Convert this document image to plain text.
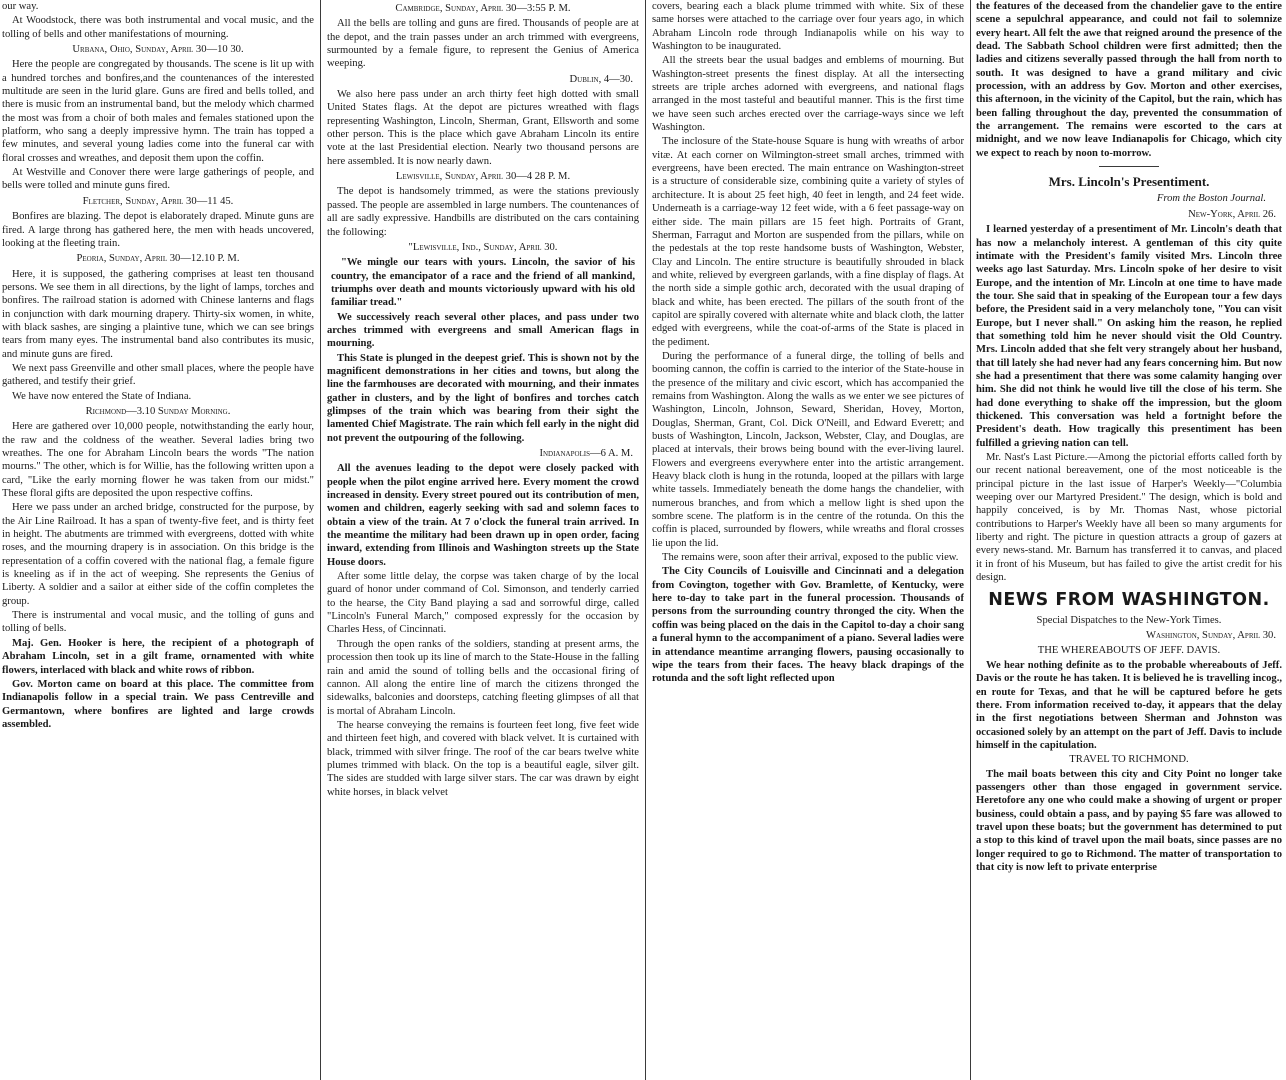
our way.

At Woodstock, there was both instrumental and vocal music, and the tolling of bells and other manifestations of mourning.

Urbana, Ohio, Sunday, April 30—10 30.

Here the people are congregated by thousands. The scene is lit up with a hundred torches and bonfires,and the countenances of the interested multitude are seen in the lurid glare. Guns are fired and bells tolled, and there is music from an instrumental band, but the melody which charmed the most was from a choir of both males and females stationed upon the platform, who sang a deeply impressive hymn. The train has topped a few minutes, and several young ladies come into the funeral car with floral crosses and wreathes, and deposit them upon the coffin.

At Westville and Conover there were large gatherings of people, and bells were tolled and minute guns fired.

Fletcher, Sunday, April 30—11 45.

Bonfires are blazing. The depot is elaborately draped. Minute guns are fired. A large throng has gathered here, the men with heads uncovered, looking at the fleeting train.

Peoria, Sunday, April 30—12.10 P. M.

Here, it is supposed, the gathering comprises at least ten thousand persons. We see them in all directions, by the light of lamps, torches and bonfires. The railroad station is adorned with Chinese lanterns and flags in conjunction with dark mourning drapery. Thirty-six women, in white, with black sashes, are singing a plaintive tune, which we can see brings tears from many eyes. The instrumental band also contributes its music, and minute guns are fired.

We next pass Greenville and other small places, where the people have gathered, and testify their grief.

We have now entered the State of Indiana.

Richmond—3.10 Sunday Morning.

Here are gathered over 10,000 people, notwithstanding the early hour, the raw and the coldness of the weather. Several ladies bring two wreathes. The one for Abraham Lincoln bears the words "The nation mourns." The other, which is for Willie, has the following written upon a card, "Like the early morning flower he was taken from our midst." These floral gifts are deposited the upon respective coffins.

Here we pass under an arched bridge, constructed for the purpose, by the Air Line Railroad. It has a span of twenty-five feet, and is thirty feet in height. The abutments are trimmed with evergreens, dotted with white roses, and the mourning drapery is in association. On this bridge is the representation of a coffin covered with the national flag, a female figure is kneeling as if in the act of weeping. She represents the Genius of Liberty. A soldier and a sailor at either side of the coffin completes the group.

There is instrumental and vocal music, and the tolling of guns and tolling of bells.

Maj. Gen. Hooker is here, the recipient of a photograph of Abraham Lincoln, set in a gilt frame, ornamented with white flowers, interlaced with black and white rows of ribbon.

Gov. Morton came on board at this place. The committee from Indianapolis follow in a special train. We pass Centreville and Germantown, where bonfires are lighted and large crowds assembled.

Cambridge, Sunday, April 30—3:55 P. M.

All the bells are tolling and guns are fired. Thousands of people are at the depot, and the train passes under an arch trimmed with evergreens, surmounted by a female figure, to represent the Genius of America weeping.

Dublin, 4—30.

We also here pass under an arch thirty feet high dotted with small United States flags. At the depot are pictures wreathed with flags representing Washington, Lincoln, Sherman, Grant, Ellsworth and some other person. This is the place which gave Abraham Lincoln its entire vote at the last Presidential election. Nearly two thousand persons are here assembled. It is now nearly dawn.

Lewisville, Sunday, April 30—4 28 P. M.

The depot is handsomely trimmed, as were the stations previously passed. The people are assembled in large numbers. The countenances of all are sadly expressive. Handbills are distributed on the cars containing the following:

"Lewisville, Ind., Sunday, April 30.

"We mingle our tears with yours. Lincoln, the savior of his country, the emancipator of a race and the friend of all mankind, triumphs over death and mounts victoriously upward with his old familiar tread."

We successively reach several other places, and pass under two arches trimmed with evergreens and small American flags in mourning.

This State is plunged in the deepest grief. This is shown not by the magnificent demonstrations in her cities and towns, but along the line the farmhouses are decorated with mourning, and their inmates gather in clusters, and by the light of bonfires and torches catch glimpses of the train which was bearing from their sight the lamented Chief Magistrate. The rain which fell early in the night did not prevent the outpouring of the following.

Indianapolis—6 A. M.

All the avenues leading to the depot were closely packed with people when the pilot engine arrived here. Every moment the crowd increased in density. Every street poured out its contribution of men, women and children, eagerly seeking with sad and solemn faces to obtain a view of the train. At 7 o'clock the funeral train arrived. In the meantime the military had been drawn up in open order, facing inward, extending from Illinois and Washington streets up the State House doors.

After some little delay, the corpse was taken charge of by the local guard of honor under command of Col. Simonson, and tenderly carried to the hearse, the City Band playing a sad and sorrowful dirge, called "Lincoln's Funeral March," composed expressly for the occasion by Charles Hess, of Cincinnati.

Through the open ranks of the soldiers, standing at present arms, the procession then took up its line of march to the State-House in the falling rain and amid the sound of tolling bells and the occasional firing of cannon. All along the entire line of march the citizens thronged the sidewalks, balconies and doorsteps, catching fleeting glimpses of all that is mortal of Abraham Lincoln.

The hearse conveying the remains is fourteen feet long, five feet wide and thirteen feet high, and covered with black velvet. It is curtained with black, trimmed with silver fringe. The roof of the car bears twelve white plumes trimmed with black. On the top is a beautiful eagle, silver gilt. The sides are studded with large silver stars. The car was drawn by eight white horses, in black velvet

covers, bearing each a black plume trimmed with white. Six of these same horses were attached to the carriage over four years ago, in which Abraham Lincoln rode through Indianapolis while on his way to Washington to be inaugurated.

All the streets bear the usual badges and emblems of mourning. But Washington-street presents the finest display. At all the intersecting streets are triple arches adorned with evergreens, and national flags arranged in the most tasteful and beautiful manner. This is the first time we have seen such arches erected over the carriage-ways since we left Washington.

The inclosure of the State-house Square is hung with wreaths of arbor vitæ. At each corner on Wilmington-street small arches, trimmed with evergreens, have been erected. The main entrance on Washington-street is a structure of considerable size, combining quite a variety of styles of architecture. It is about 25 feet high, 40 feet in length, and 24 feet wide. Underneath is a carriage-way 12 feet wide, with a 6 feet passage-way on either side. The main pillars are 15 feet high. Portraits of Grant, Sherman, Farragut and Morton are suspended from the pillars, while on the pedestals at the top reste handsome busts of Washington, Webster, Clay and Lincoln. The entire structure is beautifully shrouded in black and white, relieved by evergreen garlands, with a fine display of flags. At the north side a simple gothic arch, decorated with the usual draping of black and white, has been erected. The pillars of the south front of the capitol are spirally covered with alternate white and black cloth, the latter edged with evergreens, while the coat-of-arms of the State is placed in the pediment.

During the performance of a funeral dirge, the tolling of bells and booming cannon, the coffin is carried to the interior of the State-house in the presence of the military and civic escort, which has accompanied the remains from Washington. Along the walls as we enter we see pictures of Washington, Lincoln, Johnson, Seward, Sheridan, Hovey, Morton, Douglas, Sherman, Grant, Col. Dick O'Neill, and Edward Everett; and busts of Washington, Lincoln, Jackson, Webster, Clay, and Douglas, are placed at intervals, their brows being bound with the ever-living laurel. Flowers and evergreens everywhere enter into the artistic arrangement. Heavy black cloth is hung in the rotunda, looped at the pillars with large white tassels. Immediately beneath the dome hangs the chandelier, with numerous branches, and from which a mellow light is shed upon the sombre scene. The platform is in the centre of the rotunda. On this the coffin is placed, surrounded by flowers, while wreaths and floral crosses lie upon the lid.

The remains were, soon after their arrival, exposed to the public view.

The City Councils of Louisville and Cincinnati and a delegation from Covington, together with Gov. Bramlette, of Kentucky, were here to-day to take part in the funeral procession. Thousands of persons from the surrounding country thronged the city. When the coffin was being placed on the dais in the Capitol to-day a choir sang a funeral hymn to the accompaniment of a piano. Several ladies were in attendance meantime arranging flowers, pausing occasionally to wipe the tears from their faces. The heavy black drapings of the rotunda and the soft light reflected upon

the features of the deceased from the chandelier gave to the entire scene a sepulchral appearance, and could not fail to solemnize every heart. All felt the awe that reigned around the presence of the dead. The Sabbath School children were first admitted; then the ladies and citizens severally passed through the hall from north to south. It was designed to have a grand military and civic procession, with an address by Gov. Morton and other exercises, this afternoon, in the vicinity of the Capitol, but the rain, which has been falling throughout the day, prevented the consummation of the arrangement. The remains were escorted to the cars at midnight, and we now leave Indianapolis for Chicago, which city we expect to reach by noon to-morrow.

Mrs. Lincoln's Presentiment.

From the Boston Journal.

New-York, April 26.

I learned yesterday of a presentiment of Mr. Lincoln's death that has now a melancholy interest. A gentleman of this city quite intimate with the President's family visited Mrs. Lincoln three weeks ago last Saturday. Mrs. Lincoln spoke of her desire to visit Europe, and the intention of Mr. Lincoln at one time to have made the tour. She said that in speaking of the European tour a few days before, the President said in a very melancholy tone, "You can visit Europe, but I never shall." On asking him the reason, he replied that something told him he never should visit the Old Country. Mrs. Lincoln added that she felt very strangely about her husband, that till lately she had never had any fears concerning him. But now she had a presentiment that there was some calamity hanging over him. She did not think he would live till the close of his term. She had done everything to shake off the impression, but the gloom thickened. This conversation was held a fortnight before the President's death. How tragically this presentiment has been fulfilled a grieving nation can tell.

Mr. Nast's Last Picture.—Among the pictorial efforts called forth by our recent national bereavement, one of the most noticeable is the principal picture in the last issue of Harper's Weekly—"Columbia weeping over our Martyred President." The design, which is bold and happily conceived, is by Mr. Thomas Nast, whose pictorial contributions to Harper's Weekly have all been so many arguments for liberty and right. The picture in question attracts a group of gazers at every news-stand. Mr. Barnum has transferred it to canvas, and placed it in front of his Museum, but has failed to give the artist credit for his design.

NEWS FROM WASHINGTON.

Special Dispatches to the New-York Times.

Washington, Sunday, April 30.

THE WHEREABOUTS OF JEFF. DAVIS.

We hear nothing definite as to the probable whereabouts of Jeff. Davis or the route he has taken. It is believed he is travelling incog., en route for Texas, and that he will be captured before he gets there. From information received to-day, it appears that the delay in the first negotiations between Sherman and Johnston was occasioned solely by an attempt on the part of Jeff. Davis to include himself in the capitulation.

TRAVEL TO RICHMOND.

The mail boats between this city and City Point no longer take passengers other than those engaged in government service. Heretofore any one who could make a showing of urgent or proper business, could obtain a pass, and by paying $5 fare was allowed to travel upon these boats; but the government has determined to put a stop to this kind of travel upon the mail boats, since passes are no longer required to go to Richmond. The matter of transportation to that city is now left to private enterprise
